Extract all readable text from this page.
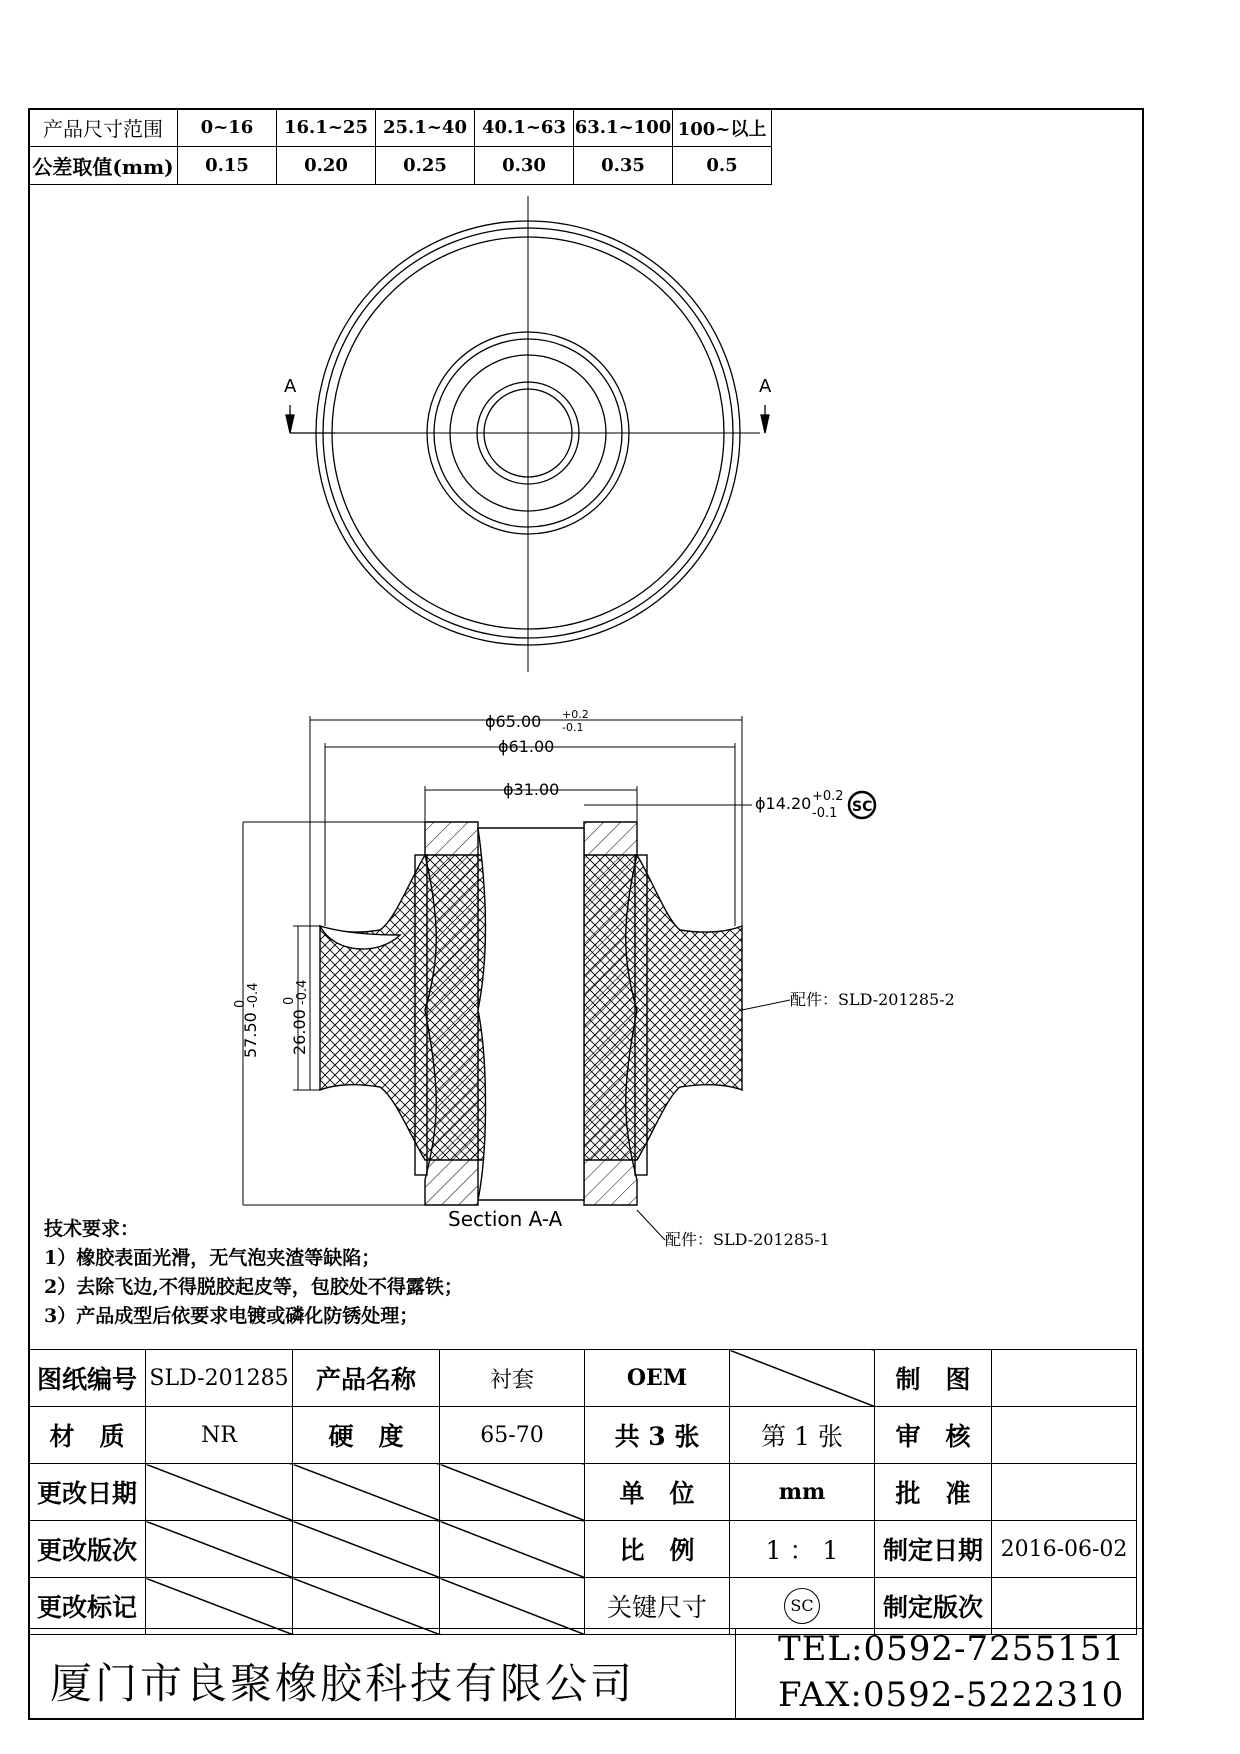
产品尺寸范围	0~16	16.1~25	25.1~40	40.1~63	63.1~100	100~以上
公差取值(mm)	0.15	0.20	0.25	0.30	0.35	0.5
A	A
ϕ65.00 +0.2
-0.1
ϕ61.00
ϕ31.00
ϕ14.20 +0.2
-0.1 SC
57.50
0
-0.4
26.00
0
-0.4	配件：SLD-201285-2
配件：SLD-201285-1
Section A-A
技术要求：
1）橡胶表面光滑，无气泡夹渣等缺陷；
2）去除飞边,不得脱胶起皮等，包胶处不得露铁；
3）产品成型后依要求电镀或磷化防锈处理；
图纸编号	SLD-201285	产品名称	衬套	OEM		制　图	
材　质	NR	硬　度	65-70	共 3 张	第 1 张	审　核	
更改日期				单　位	mm	批　准	
更改版次				比　例	1 ： 1	制定日期	2016-06-02
更改标记				关键尺寸	SC	制定版次	
厦门市良聚橡胶科技有限公司
TEL:0592-7255151
FAX:0592-5222310
